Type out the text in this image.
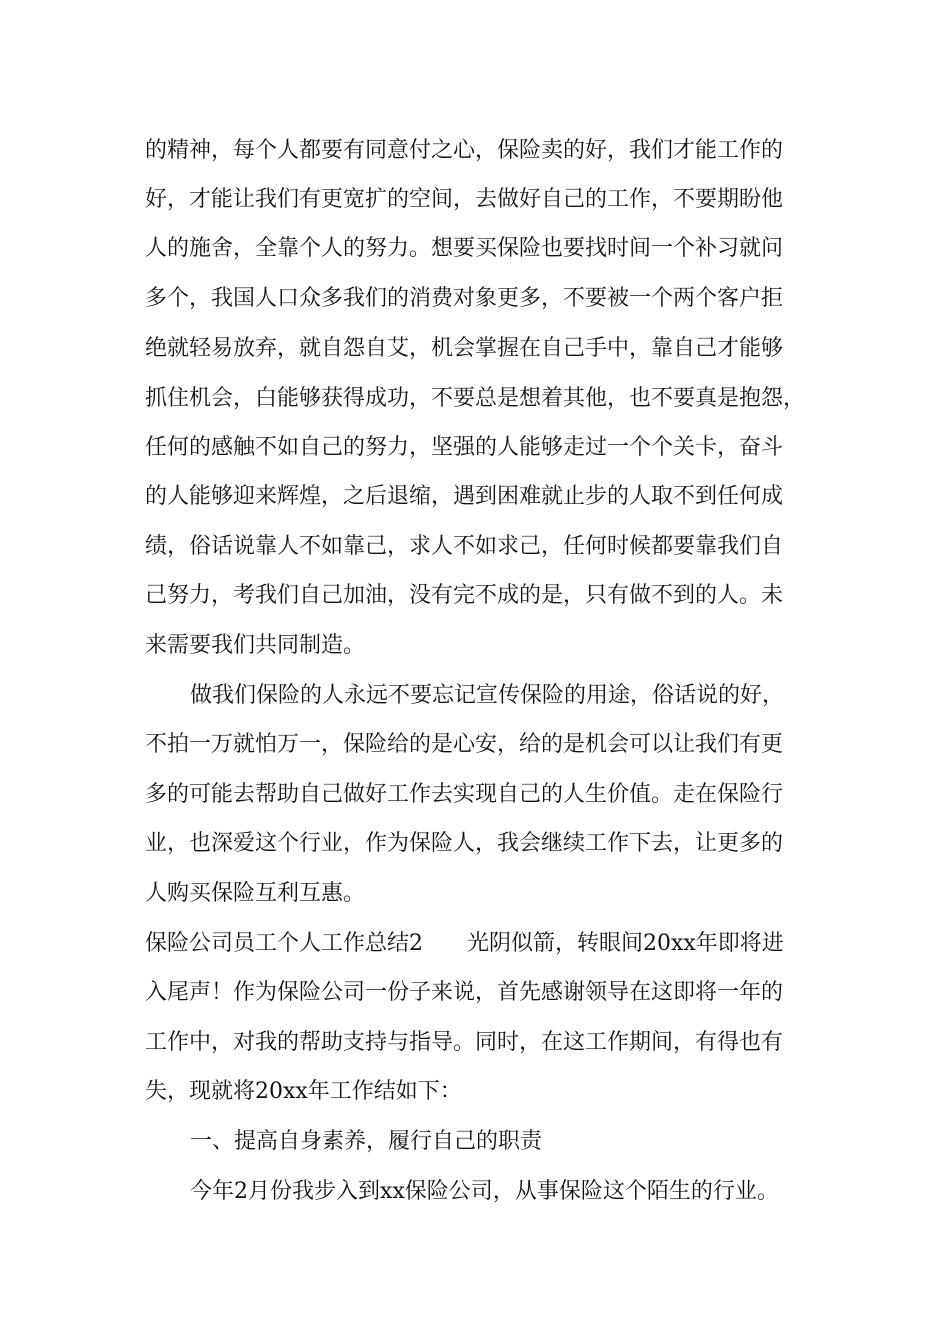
的精神，每个人都要有同意付之心，保险卖的好，我们才能工作的
好，才能让我们有更宽扩的空间，去做好自己的工作，不要期盼他
人的施舍，全靠个人的努力。想要买保险也要找时间一个补习就问
多个，我国人口众多我们的消费对象更多，不要被一个两个客户拒
绝就轻易放弃，就自怨自艾，机会掌握在自己手中，靠自己才能够
抓住机会，白能够获得成功，不要总是想着其他，也不要真是抱怨，
任何的感触不如自己的努力，坚强的人能够走过一个个关卡，奋斗
的人能够迎来辉煌，之后退缩，遇到困难就止步的人取不到任何成
绩，俗话说靠人不如靠己，求人不如求己，任何时候都要靠我们自
己努力，考我们自己加油，没有完不成的是，只有做不到的人。未
来需要我们共同制造。
做我们保险的人永远不要忘记宣传保险的用途，俗话说的好，
不拍一万就怕万一，保险给的是心安，给的是机会可以让我们有更
多的可能去帮助自己做好工作去实现自己的人生价值。走在保险行
业，也深爱这个行业，作为保险人，我会继续工作下去，让更多的
人购买保险互利互惠。
保险公司员工个人工作总结2 光阴似箭，转眼间20xx年即将进
入尾声！作为保险公司一份子来说，首先感谢领导在这即将一年的
工作中，对我的帮助支持与指导。同时，在这工作期间，有得也有
失，现就将20xx年工作结如下：
一、提高自身素养，履行自己的职责
今年2月份我步入到xx保险公司，从事保险这个陌生的行业。
